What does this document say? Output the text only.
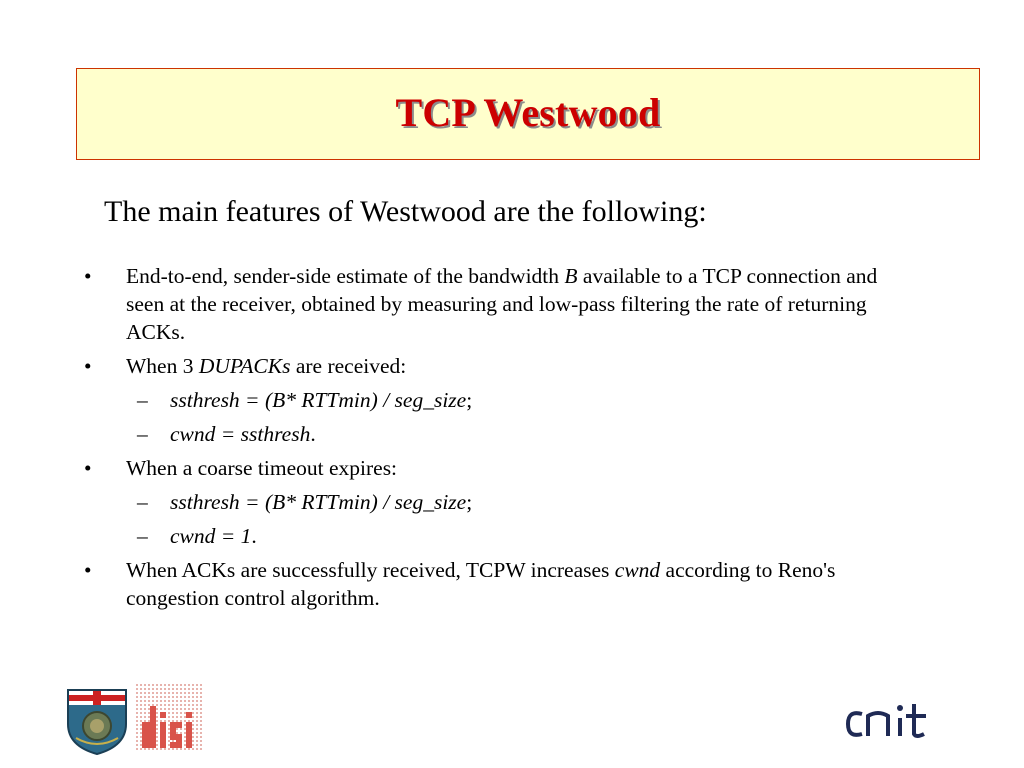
TCP Westwood
The main features of Westwood are the following:
•	End-to-end, sender-side estimate of the bandwidth B available to a TCP connection and seen at the receiver, obtained by measuring and low-pass filtering the rate of returning ACKs.
•	When 3 DUPACKs are received:
–	ssthresh = (B* RTTmin) / seg_size;
–	cwnd = ssthresh.
•	When a coarse timeout expires:
–	ssthresh = (B* RTTmin) / seg_size;
–	cwnd = 1.
•	When ACKs are successfully received, TCPW increases cwnd according to Reno's congestion control algorithm.
